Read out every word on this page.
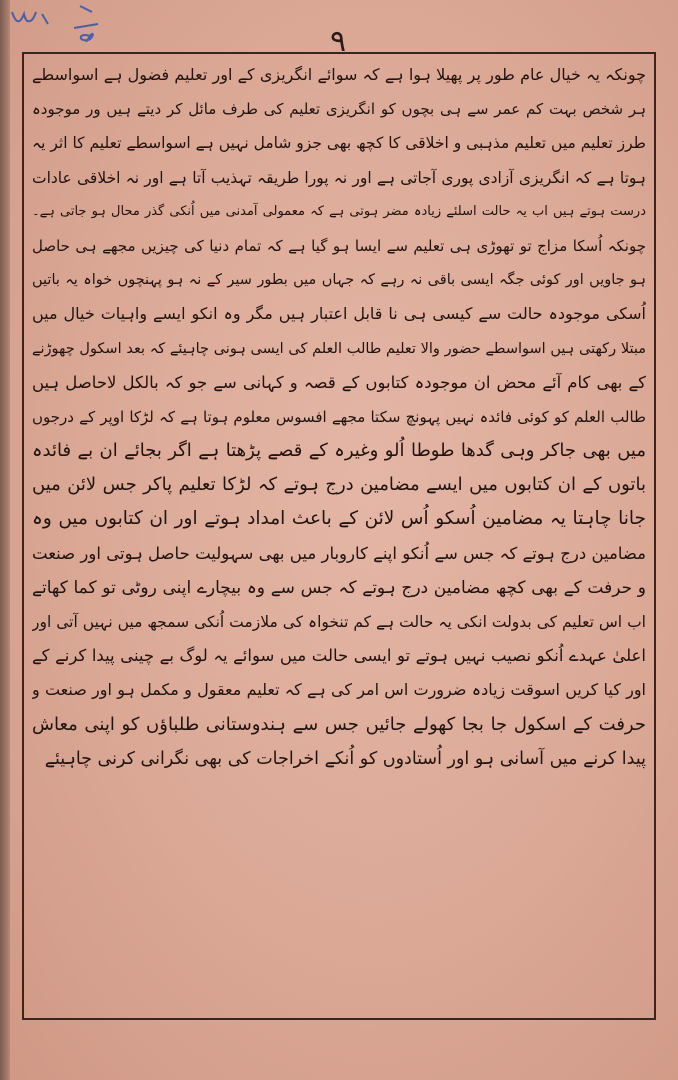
۹
چونکہ یہ خیال عام طور پر پھیلا ہوا ہے کہ سوائے انگریزی کے اور تعلیم فضول ہے اسواسطے
ہر شخص بہت کم عمر سے ہی بچوں کو انگریزی تعلیم کی طرف مائل کر دیتے ہیں ور موجودہ
طرز تعلیم میں تعلیم مذہبی و اخلاقی کا کچھ بھی جزو شامل نہیں ہے اسواسطے تعلیم کا اثر یہ
ہوتا ہے کہ انگریزی آزادی پوری آجاتی ہے اور نہ پورا طریقہ تہذیب آتا ہے اور نہ اخلاقی عادات
درست ہوتے ہیں اب یہ حالت اسلئے زیادہ مضر ہوتی ہے کہ معمولی آمدنی میں اُنکی گذر محال ہو جاتی ہے۔
چونکہ اُسکا مزاج تو تھوڑی ہی تعلیم سے ایسا ہو گیا ہے کہ تمام دنیا کی چیزیں مجھے ہی حاصل
ہو جاویں اور کوئی جگہ ایسی باقی نہ رہے کہ جہاں میں بطور سیر کے نہ ہو پہنچوں خواہ یہ باتیں
اُسکی موجودہ حالت سے کیسی ہی نا قابل اعتبار ہیں مگر وہ انکو ایسے واہیات خیال میں
مبتلا رکھتی ہیں اسواسطے حضور والا تعلیم طالب العلم کی ایسی ہونی چاہیئے کہ بعد اسکول چھوڑنے
کے بھی کام آئے محض ان موجودہ کتابوں کے قصہ و کہانی سے جو کہ بالکل لاحاصل ہیں
طالب العلم کو کوئی فائدہ نہیں پہونچ سکتا مجھے افسوس معلوم ہوتا ہے کہ لڑکا اوپر کے درجوں
میں بھی جاکر وہی گدھا طوطا اُلو وغیرہ کے قصے پڑھتا ہے اگر بجائے ان بے فائدہ
باتوں کے ان کتابوں میں ایسے مضامین درج ہوتے کہ لڑکا تعلیم پاکر جس لائن میں
جانا چاہتا یہ مضامین اُسکو اُس لائن کے باعث امداد ہوتے اور ان کتابوں میں وہ
مضامین درج ہوتے کہ جس سے اُنکو اپنے کاروبار میں بھی سہولیت حاصل ہوتی اور صنعت
و حرفت کے بھی کچھ مضامین درج ہوتے کہ جس سے وہ بیچارے اپنی روٹی تو کما کھاتے
اب اس تعلیم کی بدولت انکی یہ حالت ہے کم تنخواہ کی ملازمت اُنکی سمجھ میں نہیں آتی اور
اعلیٰ عہدے اُنکو نصیب نہیں ہوتے تو ایسی حالت میں سوائے یہ لوگ بے چینی پیدا کرنے کے
اور کیا کریں اسوقت زیادہ ضرورت اس امر کی ہے کہ تعلیم معقول و مکمل ہو اور صنعت و
حرفت کے اسکول جا بجا کھولے جائیں جس سے ہندوستانی طلباؤں کو اپنی معاش
پیدا کرنے میں آسانی ہو اور اُستادوں کو اُنکے اخراجات کی بھی نگرانی کرنی چاہیئے
